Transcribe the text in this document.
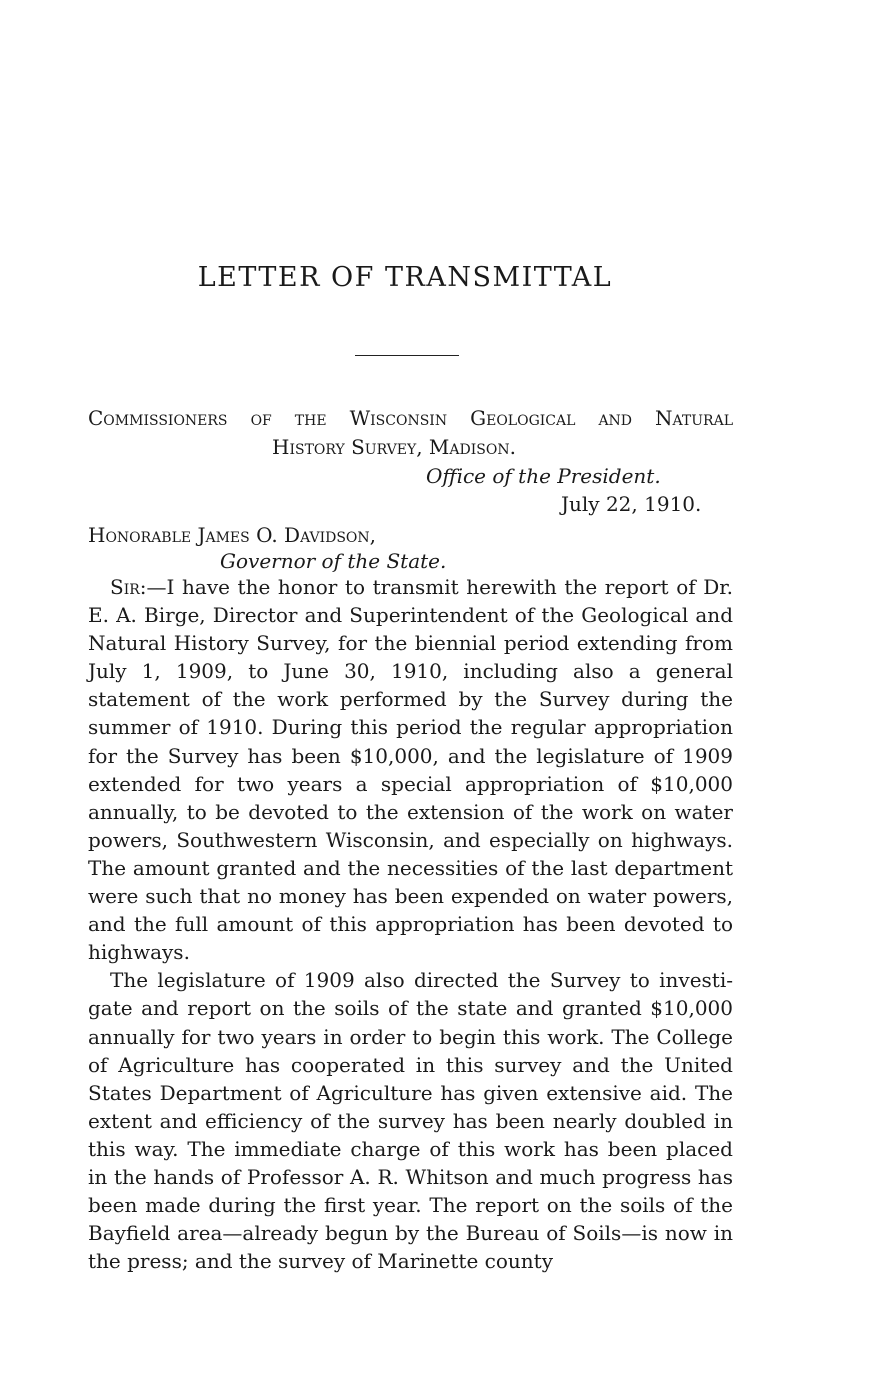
LETTER OF TRANSMITTAL
Commissioners of the Wisconsin Geological and Natural
History Survey, Madison.
Office of the President.
July 22, 1910.
Honorable James O. Davidson,
Governor of the State.

Sir:—I have the honor to transmit herewith the report of Dr. E. A. Birge, Director and Superintendent of the Geological and Natural History Survey, for the biennial period extending from July 1, 1909, to June 30, 1910, including also a general statement of the work performed by the Survey during the summer of 1910. During this period the regular appropriation for the Survey has been $10,000, and the legislature of 1909 extended for two years a special appropriation of $10,000 annually, to be devoted to the extension of the work on water powers, Southwestern Wisconsin, and especially on highways. The amount granted and the necessities of the last department were such that no money has been expended on water powers, and the full amount of this appropriation has been devoted to highways.

The legislature of 1909 also directed the Survey to investigate and report on the soils of the state and granted $10,000 annually for two years in order to begin this work. The College of Agriculture has cooperated in this survey and the United States Department of Agriculture has given extensive aid. The extent and efficiency of the survey has been nearly doubled in this way. The immediate charge of this work has been placed in the hands of Professor A. R. Whitson and much progress has been made during the first year. The report on the soils of the Bayfield area—already begun by the Bureau of Soils—is now in the press; and the survey of Marinette county
